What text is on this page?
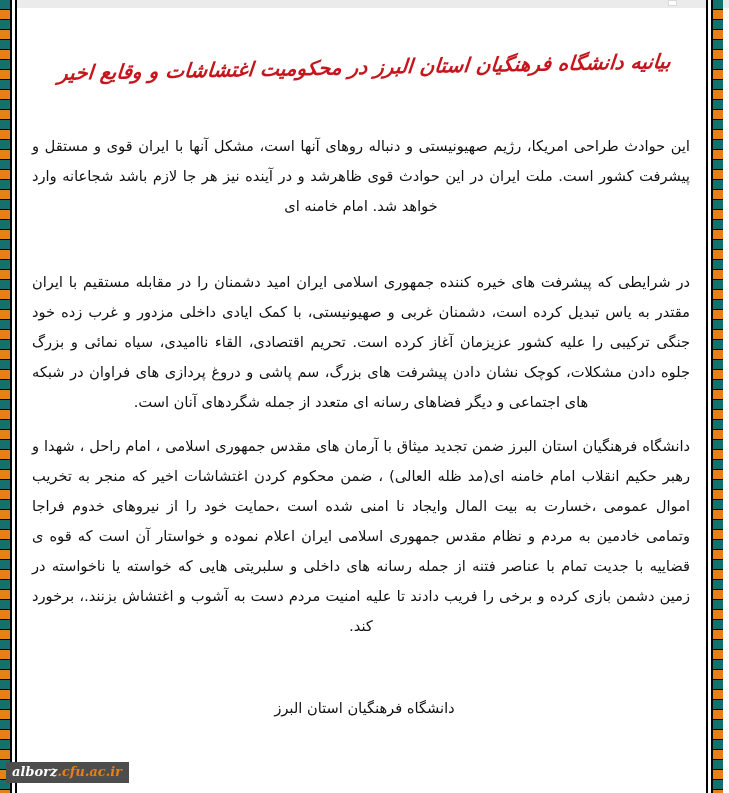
بیانیه دانشگاه فرهنگیان استان البرز در محکومیت اغتشاشات و وقایع اخیر

این حوادث طراحی امریکا، رژیم صهیونیستی و دنباله روهای آنها است، مشکل آنها با ایران قوی و مستقل و پیشرفت کشور است. ملت ایران در این حوادث قوی ظاهرشد و در آینده نیز هر جا لازم باشد شجاعانه وارد خواهد شد. امام خامنه ای

در شرایطی که پیشرفت های خیره کننده جمهوری اسلامی ایران امید دشمنان را در مقابله مستقیم با ایران مقتدر به یاس تبدیل کرده است، دشمنان غربی و صهیونیستی، با کمک ایادی داخلی مزدور و غرب زده خود جنگی ترکیبی را علیه کشور عزیزمان آغاز کرده است. تحریم اقتصادی، القاء ناامیدی، سیاه نمائی و بزرگ جلوه دادن مشکلات، کوچک نشان دادن پیشرفت های بزرگ، سم پاشی و دروغ پردازی های فراوان در شبکه های اجتماعی و دیگر فضاهای رسانه ای متعدد از جمله شگردهای آنان است.

دانشگاه فرهنگیان استان البرز ضمن تجدید میثاق با آرمان های مقدس جمهوری اسلامی ، امام راحل ، شهدا و رهبر حکیم انقلاب امام خامنه ای(مد ظله العالی) ، ضمن محکوم کردن اغتشاشات اخیر که منجر به تخریب اموال عمومی ،خسارت به بیت المال وایجاد نا امنی شده است ،حمایت خود را از نیروهای خدوم فراجا وتمامی خادمین به مردم و نظام مقدس جمهوری اسلامی ایران اعلام نموده و خواستار آن است که قوه ی قضاییه با جدیت تمام با عناصر فتنه از جمله رسانه های داخلی و سلبریتی هایی که خواسته یا ناخواسته در زمین دشمن بازی کرده و برخی را فریب دادند تا علیه امنیت مردم دست به آشوب و اغتشاش بزنند.، برخورد کند.

دانشگاه فرهنگیان استان البرز
alborz .cfu.ac.ir
